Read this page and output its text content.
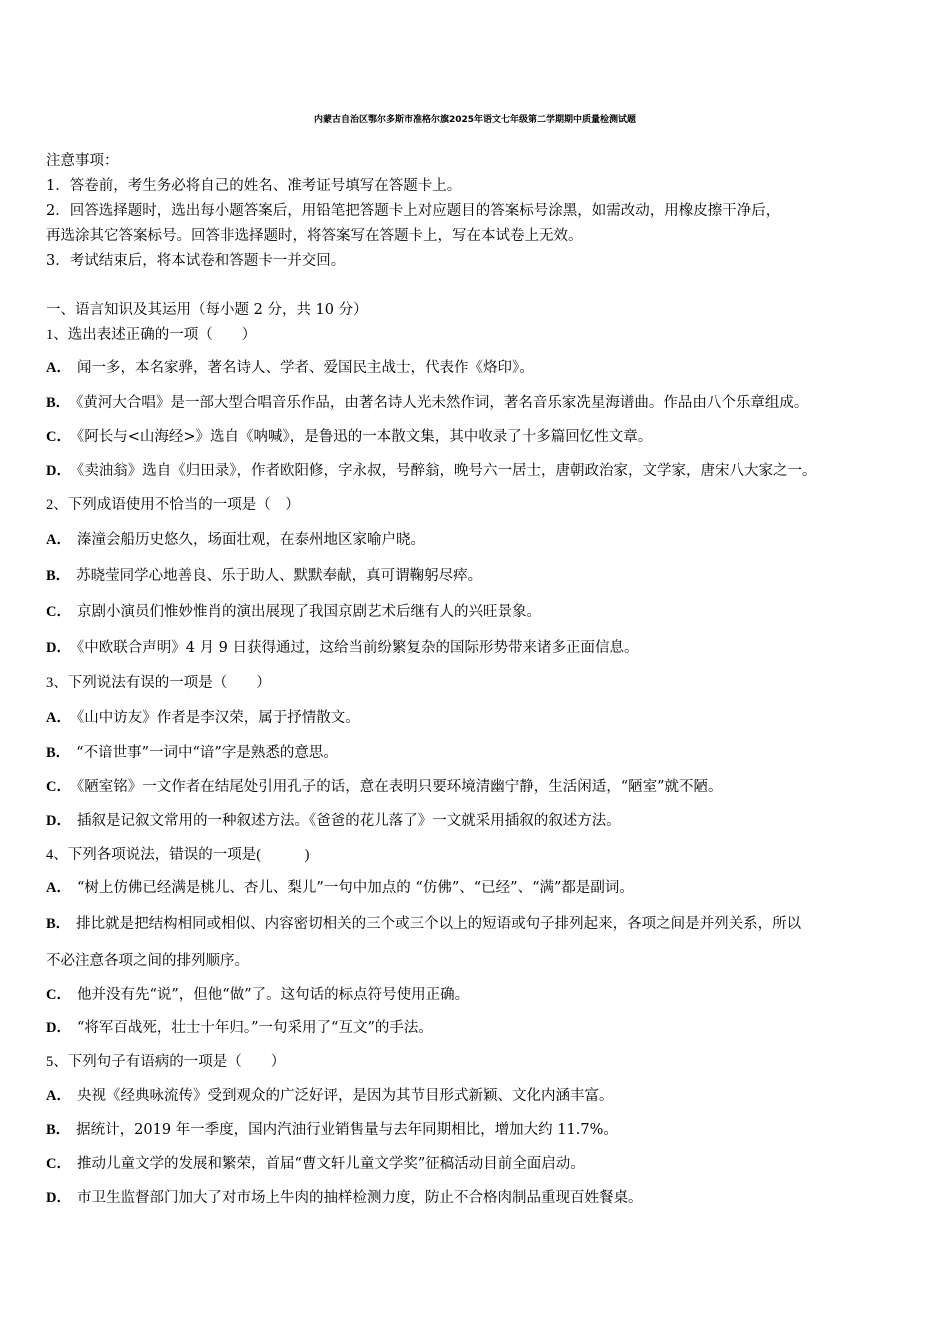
内蒙古自治区鄂尔多斯市准格尔旗2025年语文七年级第二学期期中质量检测试题
注意事项：
1．答卷前，考生务必将自己的姓名、准考证号填写在答题卡上。
2．回答选择题时，选出每小题答案后，用铅笔把答题卡上对应题目的答案标号涂黑，如需改动，用橡皮擦干净后，
再选涂其它答案标号。回答非选择题时，将答案写在答题卡上，写在本试卷上无效。
3．考试结束后，将本试卷和答题卡一并交回。
一、语言知识及其运用（每小题 2 分，共 10 分）
1、选出表述正确的一项（　　）
A． 闻一多，本名家骅，著名诗人、学者、爱国民主战士，代表作《烙印》。
B． 《黄河大合唱》是一部大型合唱音乐作品，由著名诗人光未然作词，著名音乐家冼星海谱曲。作品由八个乐章组成。
C． 《阿长与<山海经>》选自《呐喊》，是鲁迅的一本散文集，其中收录了十多篇回忆性文章。
D． 《卖油翁》选自《归田录》，作者欧阳修，字永叔，号醉翁，晚号六一居士，唐朝政治家，文学家，唐宋八大家之一。
2、下列成语使用不恰当的一项是（　）
A． 溱潼会船历史悠久，场面壮观，在泰州地区家喻户晓。
B． 苏晓莹同学心地善良、乐于助人、默默奉献，真可谓鞠躬尽瘁。
C． 京剧小演员们惟妙惟肖的演出展现了我国京剧艺术后继有人的兴旺景象。
D． 《中欧联合声明》4 月 9 日获得通过，这给当前纷繁复杂的国际形势带来诸多正面信息。
3、下列说法有误的一项是（　　）
A． 《山中访友》作者是李汉荣，属于抒情散文。
B． “不谙世事”一词中“谙”字是熟悉的意思。
C． 《陋室铭》一文作者在结尾处引用孔子的话，意在表明只要环境清幽宁静，生活闲适，“陋室”就不陋。
D． 插叙是记叙文常用的一种叙述方法。《爸爸的花儿落了》一文就采用插叙的叙述方法。
4、下列各项说法，错误的一项是(　　　)
A． “树上仿佛已经满是桃儿、杏儿、梨儿”一句中加点的 “仿佛”、“已经”、“满”都是副词。
B． 排比就是把结构相同或相似、内容密切相关的三个或三个以上的短语或句子排列起来，各项之间是并列关系，所以
不必注意各项之间的排列顺序。
C． 他并没有先“说”，但他“做”了。这句话的标点符号使用正确。
D． “将军百战死，壮士十年归。”一句采用了“互文”的手法。
5、下列句子有语病的一项是（　　）
A． 央视《经典咏流传》受到观众的广泛好评，是因为其节目形式新颖、文化内涵丰富。
B． 据统计，2019 年一季度，国内汽油行业销售量与去年同期相比，增加大约 11.7%。
C． 推动儿童文学的发展和繁荣，首届“曹文轩儿童文学奖”征稿活动目前全面启动。
D． 市卫生监督部门加大了对市场上牛肉的抽样检测力度，防止不合格肉制品重现百姓餐桌。
